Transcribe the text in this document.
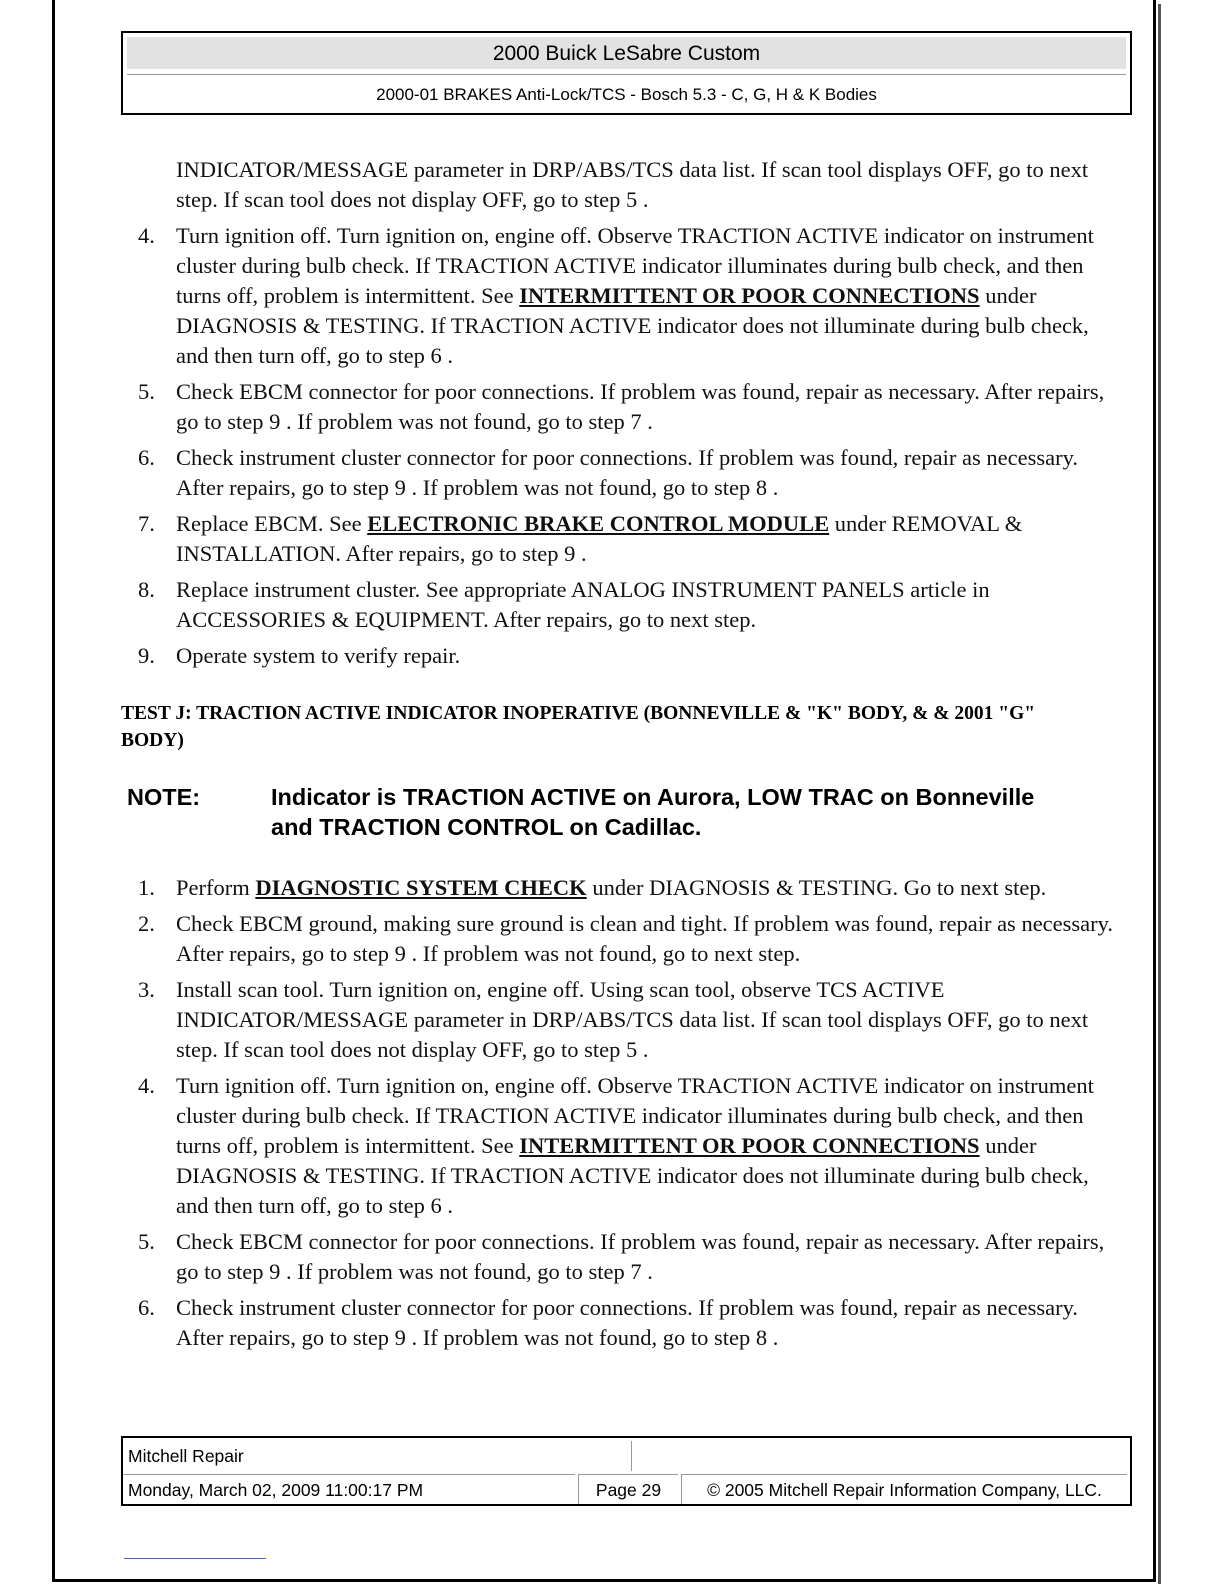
2000 Buick LeSabre Custom
2000-01 BRAKES Anti-Lock/TCS - Bosch 5.3 - C, G, H & K Bodies
INDICATOR/MESSAGE parameter in DRP/ABS/TCS data list. If scan tool displays OFF, go to next step. If scan tool does not display OFF, go to step 5 .
4. Turn ignition off. Turn ignition on, engine off. Observe TRACTION ACTIVE indicator on instrument cluster during bulb check. If TRACTION ACTIVE indicator illuminates during bulb check, and then turns off, problem is intermittent. See INTERMITTENT OR POOR CONNECTIONS under DIAGNOSIS & TESTING. If TRACTION ACTIVE indicator does not illuminate during bulb check, and then turn off, go to step 6 .
5. Check EBCM connector for poor connections. If problem was found, repair as necessary. After repairs, go to step 9 . If problem was not found, go to step 7 .
6. Check instrument cluster connector for poor connections. If problem was found, repair as necessary. After repairs, go to step 9 . If problem was not found, go to step 8 .
7. Replace EBCM. See ELECTRONIC BRAKE CONTROL MODULE under REMOVAL & INSTALLATION. After repairs, go to step 9 .
8. Replace instrument cluster. See appropriate ANALOG INSTRUMENT PANELS article in ACCESSORIES & EQUIPMENT. After repairs, go to next step.
9. Operate system to verify repair.
TEST J: TRACTION ACTIVE INDICATOR INOPERATIVE (BONNEVILLE & "K" BODY, & & 2001 "G" BODY)
NOTE:	Indicator is TRACTION ACTIVE on Aurora, LOW TRAC on Bonneville and TRACTION CONTROL on Cadillac.
1. Perform DIAGNOSTIC SYSTEM CHECK under DIAGNOSIS & TESTING. Go to next step.
2. Check EBCM ground, making sure ground is clean and tight. If problem was found, repair as necessary. After repairs, go to step 9 . If problem was not found, go to next step.
3. Install scan tool. Turn ignition on, engine off. Using scan tool, observe TCS ACTIVE INDICATOR/MESSAGE parameter in DRP/ABS/TCS data list. If scan tool displays OFF, go to next step. If scan tool does not display OFF, go to step 5 .
4. Turn ignition off. Turn ignition on, engine off. Observe TRACTION ACTIVE indicator on instrument cluster during bulb check. If TRACTION ACTIVE indicator illuminates during bulb check, and then turns off, problem is intermittent. See INTERMITTENT OR POOR CONNECTIONS under DIAGNOSIS & TESTING. If TRACTION ACTIVE indicator does not illuminate during bulb check, and then turn off, go to step 6 .
5. Check EBCM connector for poor connections. If problem was found, repair as necessary. After repairs, go to step 9 . If problem was not found, go to step 7 .
6. Check instrument cluster connector for poor connections. If problem was found, repair as necessary. After repairs, go to step 9 . If problem was not found, go to step 8 .
Mitchell Repair
Monday, March 02, 2009 11:00:17 PM	Page 29	© 2005 Mitchell Repair Information Company, LLC.
